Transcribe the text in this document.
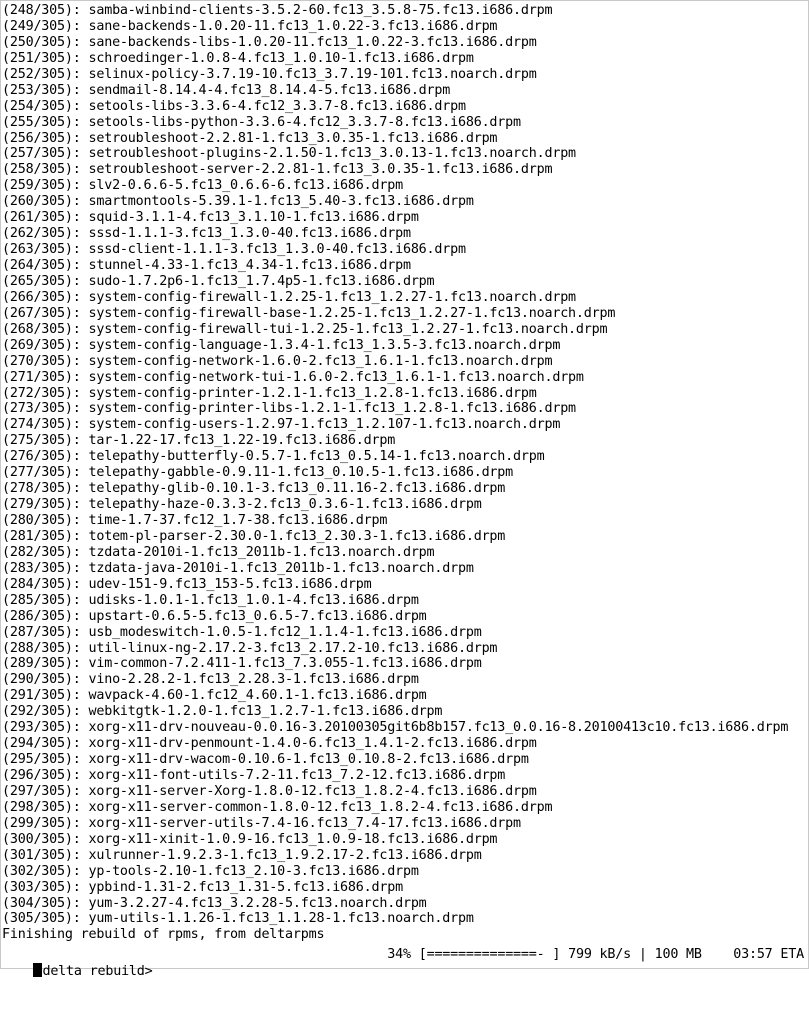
(248/305): samba-winbind-clients-3.5.2-60.fc13_3.5.8-75.fc13.i686.drpm
(249/305): sane-backends-1.0.20-11.fc13_1.0.22-3.fc13.i686.drpm
(250/305): sane-backends-libs-1.0.20-11.fc13_1.0.22-3.fc13.i686.drpm
(251/305): schroedinger-1.0.8-4.fc13_1.0.10-1.fc13.i686.drpm
(252/305): selinux-policy-3.7.19-10.fc13_3.7.19-101.fc13.noarch.drpm
(253/305): sendmail-8.14.4-4.fc13_8.14.4-5.fc13.i686.drpm
(254/305): setools-libs-3.3.6-4.fc12_3.3.7-8.fc13.i686.drpm
(255/305): setools-libs-python-3.3.6-4.fc12_3.3.7-8.fc13.i686.drpm
(256/305): setroubleshoot-2.2.81-1.fc13_3.0.35-1.fc13.i686.drpm
(257/305): setroubleshoot-plugins-2.1.50-1.fc13_3.0.13-1.fc13.noarch.drpm
(258/305): setroubleshoot-server-2.2.81-1.fc13_3.0.35-1.fc13.i686.drpm
(259/305): slv2-0.6.6-5.fc13_0.6.6-6.fc13.i686.drpm
(260/305): smartmontools-5.39.1-1.fc13_5.40-3.fc13.i686.drpm
(261/305): squid-3.1.1-4.fc13_3.1.10-1.fc13.i686.drpm
(262/305): sssd-1.1.1-3.fc13_1.3.0-40.fc13.i686.drpm
(263/305): sssd-client-1.1.1-3.fc13_1.3.0-40.fc13.i686.drpm
(264/305): stunnel-4.33-1.fc13_4.34-1.fc13.i686.drpm
(265/305): sudo-1.7.2p6-1.fc13_1.7.4p5-1.fc13.i686.drpm
(266/305): system-config-firewall-1.2.25-1.fc13_1.2.27-1.fc13.noarch.drpm
(267/305): system-config-firewall-base-1.2.25-1.fc13_1.2.27-1.fc13.noarch.drpm
(268/305): system-config-firewall-tui-1.2.25-1.fc13_1.2.27-1.fc13.noarch.drpm
(269/305): system-config-language-1.3.4-1.fc13_1.3.5-3.fc13.noarch.drpm
(270/305): system-config-network-1.6.0-2.fc13_1.6.1-1.fc13.noarch.drpm
(271/305): system-config-network-tui-1.6.0-2.fc13_1.6.1-1.fc13.noarch.drpm
(272/305): system-config-printer-1.2.1-1.fc13_1.2.8-1.fc13.i686.drpm
(273/305): system-config-printer-libs-1.2.1-1.fc13_1.2.8-1.fc13.i686.drpm
(274/305): system-config-users-1.2.97-1.fc13_1.2.107-1.fc13.noarch.drpm
(275/305): tar-1.22-17.fc13_1.22-19.fc13.i686.drpm
(276/305): telepathy-butterfly-0.5.7-1.fc13_0.5.14-1.fc13.noarch.drpm
(277/305): telepathy-gabble-0.9.11-1.fc13_0.10.5-1.fc13.i686.drpm
(278/305): telepathy-glib-0.10.1-3.fc13_0.11.16-2.fc13.i686.drpm
(279/305): telepathy-haze-0.3.3-2.fc13_0.3.6-1.fc13.i686.drpm
(280/305): time-1.7-37.fc12_1.7-38.fc13.i686.drpm
(281/305): totem-pl-parser-2.30.0-1.fc13_2.30.3-1.fc13.i686.drpm
(282/305): tzdata-2010i-1.fc13_2011b-1.fc13.noarch.drpm
(283/305): tzdata-java-2010i-1.fc13_2011b-1.fc13.noarch.drpm
(284/305): udev-151-9.fc13_153-5.fc13.i686.drpm
(285/305): udisks-1.0.1-1.fc13_1.0.1-4.fc13.i686.drpm
(286/305): upstart-0.6.5-5.fc13_0.6.5-7.fc13.i686.drpm
(287/305): usb_modeswitch-1.0.5-1.fc12_1.1.4-1.fc13.i686.drpm
(288/305): util-linux-ng-2.17.2-3.fc13_2.17.2-10.fc13.i686.drpm
(289/305): vim-common-7.2.411-1.fc13_7.3.055-1.fc13.i686.drpm
(290/305): vino-2.28.2-1.fc13_2.28.3-1.fc13.i686.drpm
(291/305): wavpack-4.60-1.fc12_4.60.1-1.fc13.i686.drpm
(292/305): webkitgtk-1.2.0-1.fc13_1.2.7-1.fc13.i686.drpm
(293/305): xorg-x11-drv-nouveau-0.0.16-3.20100305git6b8b157.fc13_0.0.16-8.20100413c10.fc13.i686.drpm
(294/305): xorg-x11-drv-penmount-1.4.0-6.fc13_1.4.1-2.fc13.i686.drpm
(295/305): xorg-x11-drv-wacom-0.10.6-1.fc13_0.10.8-2.fc13.i686.drpm
(296/305): xorg-x11-font-utils-7.2-11.fc13_7.2-12.fc13.i686.drpm
(297/305): xorg-x11-server-Xorg-1.8.0-12.fc13_1.8.2-4.fc13.i686.drpm
(298/305): xorg-x11-server-common-1.8.0-12.fc13_1.8.2-4.fc13.i686.drpm
(299/305): xorg-x11-server-utils-7.4-16.fc13_7.4-17.fc13.i686.drpm
(300/305): xorg-x11-xinit-1.0.9-16.fc13_1.0.9-18.fc13.i686.drpm
(301/305): xulrunner-1.9.2.3-1.fc13_1.9.2.17-2.fc13.i686.drpm
(302/305): yp-tools-2.10-1.fc13_2.10-3.fc13.i686.drpm
(303/305): ypbind-1.31-2.fc13_1.31-5.fc13.i686.drpm
(304/305): yum-3.2.27-4.fc13_3.2.28-5.fc13.noarch.drpm
(305/305): yum-utils-1.1.26-1.fc13_1.1.28-1.fc13.noarch.drpm
Finishing rebuild of rpms, from deltarpms

delta rebuild>

34% [==============- ] 799 kB/s | 100 MB 03:57 ETA
